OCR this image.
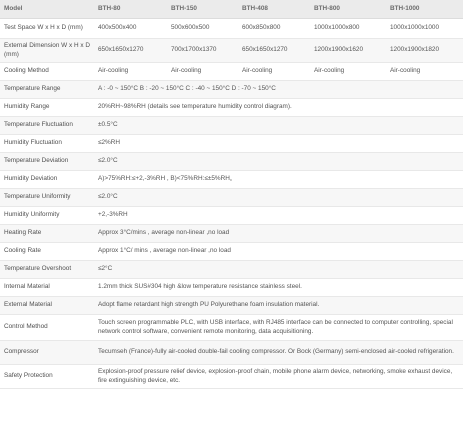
Model	BTH-80	BTH-150	BTH-408	BTH-800	BTH-1000
Test Space W x H x D (mm)	400x500x400	500x600x500	600x850x800	1000x1000x800	1000x1000x1000
External Dimension W x H x D (mm)	650x1650x1270	700x1700x1370	650x1650x1270	1200x1900x1620	1200x1900x1820
Cooling Method	Air-cooling	Air-cooling	Air-cooling	Air-cooling	Air-cooling
Temperature Range	A : -0 ~ 150°C B : -20 ~ 150°C C : -40 ~ 150°C D : -70 ~ 150°C				
Humidity Range	20%RH~98%RH (details see temperature humidity control diagram).				
Temperature Fluctuation	±0.5°C				
Humidity Fluctuation	≤2%RH				
Temperature Deviation	≤2.0°C				
Humidity Deviation	A)>75%RH:≤+2,-3%RH , B)<75%RH:≤±5%RH。				
Temperature Uniformity	≤2.0°C				
Humidity Uniformity	+2,-3%RH				
Heating Rate	Approx 3°C/mins , average non-linear ,no load				
Cooling Rate	Approx 1°C/ mins , average non-linear ,no load				
Temperature Overshoot	≤2°C				
Internal Material	1.2mm thick SUS#304 high &low temperature resistance stainless steel.				
External Material	Adopt flame retardant high strength PU Polyurethane foam insulation material.				
Control Method	Touch screen programmable PLC, with USB interface, with RJ485 interface can be connected to computer controlling, special network control software, convenient remote monitoring, data acquisitioning.				
Compressor	Tecumseh (France)-fully air-cooled double-fail cooling compressor. Or Bock (Germany) semi-enclosed air-cooled refrigeration.				
Safety Protection	Explosion-proof pressure relief device, explosion-proof chain, mobile phone alarm device, networking, smoke exhaust device, fire extinguishing device, etc.				
